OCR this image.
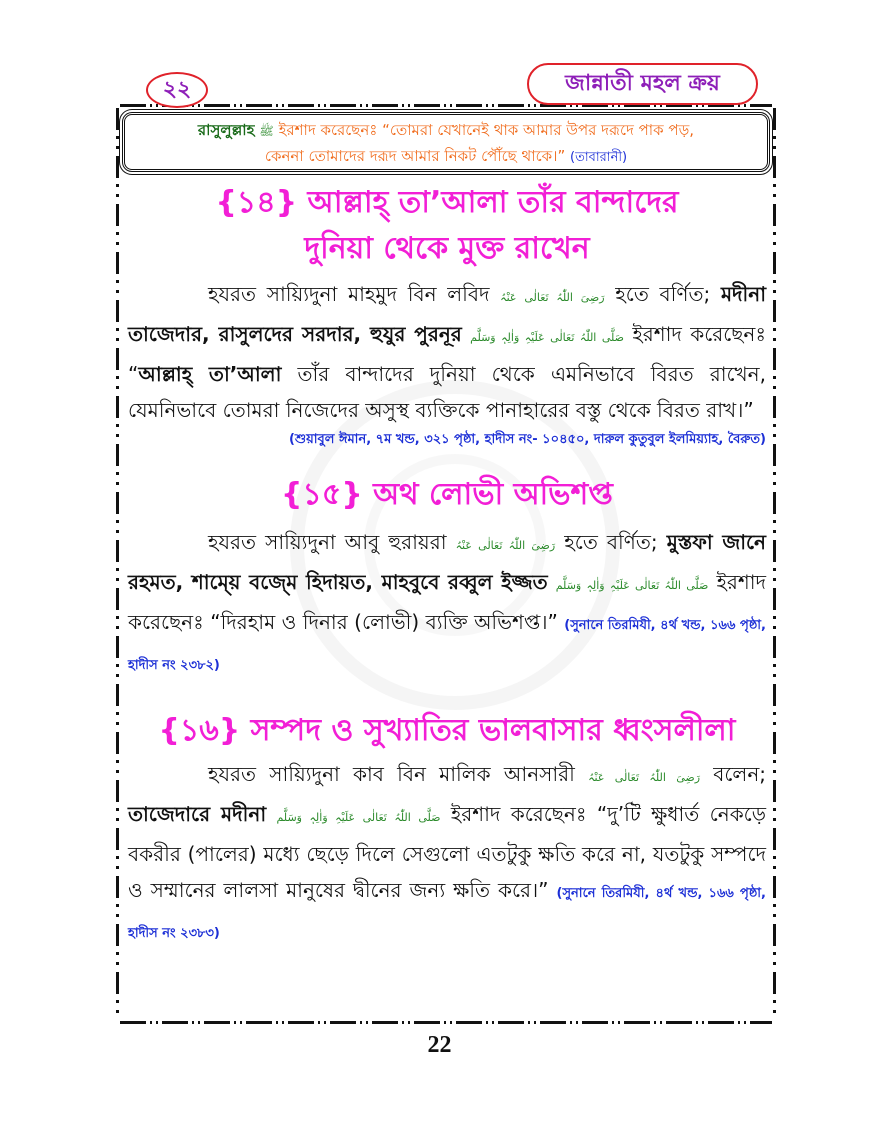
২২	জান্নাতী মহল ক্রয়
রাসুলুল্লাহ ﷺ ইরশাদ করেছেনঃ “তোমরা যেখানেই থাক আমার উপর দরূদে পাক পড়,
কেননা তোমাদের দরূদ আমার নিকট পৌঁছে থাকে।” (তাবারানী)
{১৪} আল্লাহ্ তা’আলা তাঁর বান্দাদের
দুনিয়া থেকে মুক্ত রাখেন

হযরত সায়্যিদুনা মাহমুদ বিন লবিদ رَضِیَ اللّٰہُ تَعَالٰی عَنْہُ হতে বর্ণিত; মদীনা তাজেদার, রাসুলদের সরদার, হুযুর পুরনূর صَلَّی اللّٰہُ تَعَالٰی عَلَیْہِ وَاٰلِہٖ وَسَلَّم ইরশাদ করেছেনঃ “আল্লাহ্ তা’আলা তাঁর বান্দাদের দুনিয়া থেকে এমনিভাবে বিরত রাখেন, যেমনিভাবে তোমরা নিজেদের অসুস্থ ব্যক্তিকে পানাহারের বস্তু থেকে বিরত রাখ।”

(শুয়াবুল ঈমান, ৭ম খন্ড, ৩২১ পৃষ্ঠা, হাদীস নং- ১০৪৫০, দারুল কুতুবুল ইলমিয়্যাহ, বৈরুত)

{১৫} অথ লোভী অভিশপ্ত

হযরত সায়্যিদুনা আবু হুরায়রা رَضِیَ اللّٰہُ تَعَالٰی عَنْہُ হতে বর্ণিত; মুস্তফা জানে রহমত, শাম্য়ে বজ্মে হিদায়ত, মাহবুবে রব্বুল ইজ্জত صَلَّی اللّٰہُ تَعَالٰی عَلَیْہِ وَاٰلِہٖ وَسَلَّم ইরশাদ করেছেনঃ “দিরহাম ও দিনার (লোভী) ব্যক্তি অভিশপ্ত।” (সুনানে তিরমিযী, ৪র্থ খন্ড, ১৬৬ পৃষ্ঠা, হাদীস নং ২৩৮২)

{১৬} সম্পদ ও সুখ্যাতির ভালবাসার ধ্বংসলীলা

হযরত সায়্যিদুনা কাব বিন মালিক আনসারী رَضِیَ اللّٰہُ تَعَالٰی عَنْہُ বলেন; তাজেদারে মদীনা صَلَّی اللّٰہُ تَعَالٰی عَلَیْہِ وَاٰلِہٖ وَسَلَّم ইরশাদ করেছেনঃ “দু’টি ক্ষুধার্ত নেকড়ে বকরীর (পালের) মধ্যে ছেড়ে দিলে সেগুলো এতটুকু ক্ষতি করে না, যতটুকু সম্পদে ও সম্মানের লালসা মানুষের দ্বীনের জন্য ক্ষতি করে।” (সুনানে তিরমিযী, ৪র্থ খন্ড, ১৬৬ পৃষ্ঠা, হাদীস নং ২৩৮৩)

22
